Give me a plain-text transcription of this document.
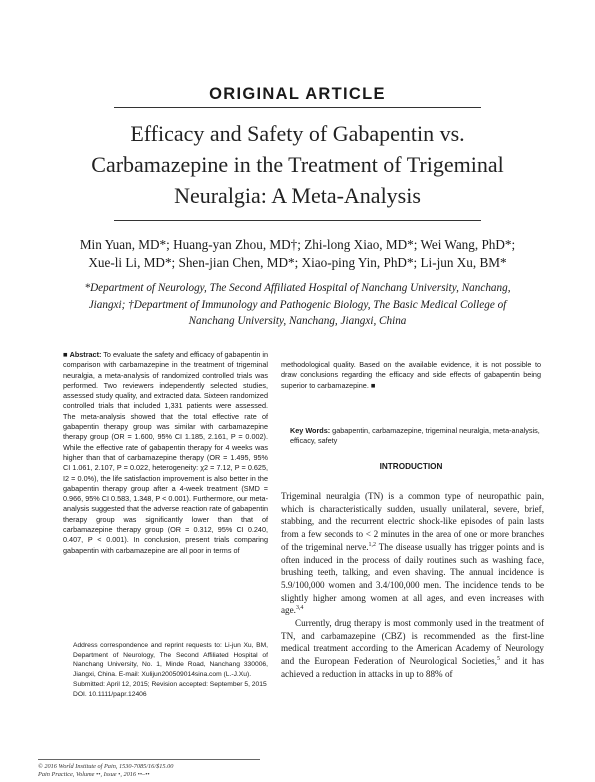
ORIGINAL ARTICLE
Efficacy and Safety of Gabapentin vs.
Carbamazepine in the Treatment of Trigeminal
Neuralgia: A Meta-Analysis
Min Yuan, MD*; Huang-yan Zhou, MD†; Zhi-long Xiao, MD*; Wei Wang, PhD*;
Xue-li Li, MD*; Shen-jian Chen, MD*; Xiao-ping Yin, PhD*; Li-jun Xu, BM*
*Department of Neurology, The Second Affiliated Hospital of Nanchang University, Nanchang,
Jiangxi; †Department of Immunology and Pathogenic Biology, The Basic Medical College of
Nanchang University, Nanchang, Jiangxi, China
■ Abstract: To evaluate the safety and efficacy of gabapentin in comparison with carbamazepine in the treatment of trigeminal neuralgia, a meta-analysis of randomized controlled trials was performed. Two reviewers independently selected studies, assessed study quality, and extracted data. Sixteen randomized controlled trials that included 1,331 patients were assessed. The meta-analysis showed that the total effective rate of gabapentin therapy group was similar with carbamazepine therapy group (OR = 1.600, 95% CI 1.185, 2.161, P = 0.002). While the effective rate of gabapentin therapy for 4 weeks was higher than that of carbamazepine therapy (OR = 1.495, 95% CI 1.061, 2.107, P = 0.022, heterogeneity: χ2 = 7.12, P = 0.625, I2 = 0.0%), the life satisfaction improvement is also better in the gabapentin therapy group after a 4-week treatment (SMD = 0.966, 95% CI 0.583, 1.348, P < 0.001). Furthermore, our meta-analysis suggested that the adverse reaction rate of gabapentin therapy group was significantly lower than that of carbamazepine therapy group (OR = 0.312, 95% CI 0.240, 0.407, P < 0.001). In conclusion, present trials comparing gabapentin with carbamazepine are all poor in terms of

Address correspondence and reprint requests to: Li-jun Xu, BM, Department of Neurology, The Second Affiliated Hospital of Nanchang University, No. 1, Minde Road, Nanchang 330006, Jiangxi, China. E-mail: Xulijun200509014sina.com (L.-J.Xu).

Submitted: April 12, 2015; Revision accepted: September 5, 2015

DOI. 10.1111/papr.12406

© 2016 World Institute of Pain, 1530-7085/16/$15.00
Pain Practice, Volume ••, Issue •, 2016 ••–••
methodological quality. Based on the available evidence, it is not possible to draw conclusions regarding the efficacy and side effects of gabapentin being superior to carbamazepine. ■
Key Words: gabapentin, carbamazepine, trigeminal neuralgia, meta-analysis, efficacy, safety
INTRODUCTION

Trigeminal neuralgia (TN) is a common type of neuropathic pain, which is characteristically sudden, usually unilateral, severe, brief, stabbing, and the recurrent electric shock-like episodes of pain lasts from a few seconds to < 2 minutes in the area of one or more branches of the trigeminal nerve.$^{1,2}$ The disease usually has trigger points and is often induced in the process of daily routines such as washing face, brushing teeth, talking, and even shaving. The annual incidence is 5.9/100,000 women and 3.4/100,000 men. The incidence tends to be slightly higher among women at all ages, and even increases with age.$^{3,4}$

Currently, drug therapy is most commonly used in the treatment of TN, and carbamazepine (CBZ) is recommended as the first-line medical treatment according to the American Academy of Neurology and the European Federation of Neurological Societies,$^5$ and it has achieved a reduction in attacks in up to 88% of
